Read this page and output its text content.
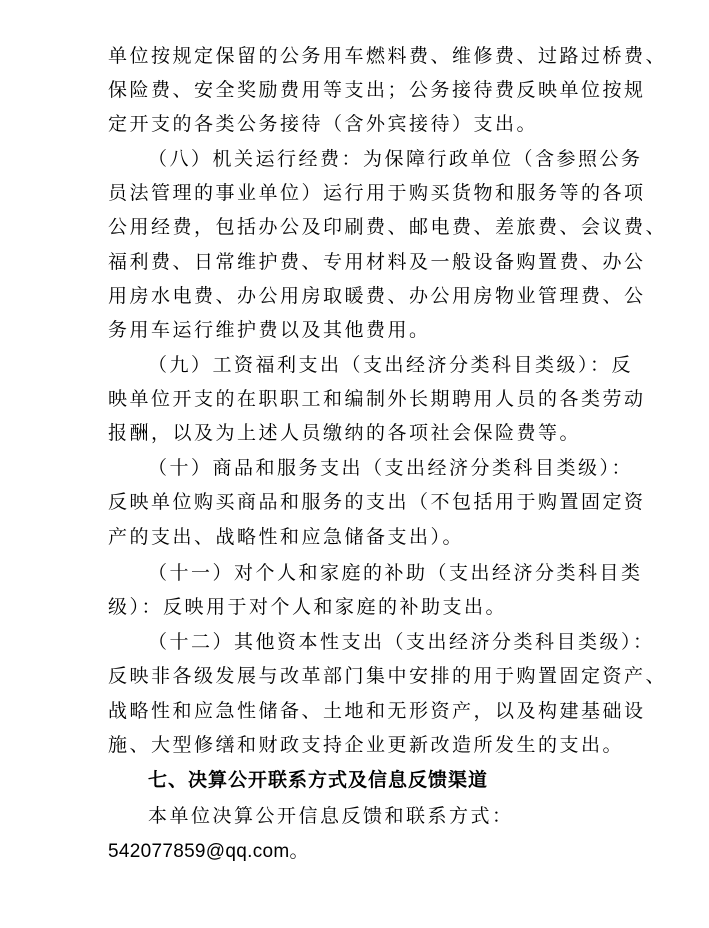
单位按规定保留的公务用车燃料费、维修费、过路过桥费、
保险费、安全奖励费用等支出；公务接待费反映单位按规
定开支的各类公务接待（含外宾接待）支出。
（八）机关运行经费：为保障行政单位（含参照公务
员法管理的事业单位）运行用于购买货物和服务等的各项
公用经费，包括办公及印刷费、邮电费、差旅费、会议费、
福利费、日常维护费、专用材料及一般设备购置费、办公
用房水电费、办公用房取暖费、办公用房物业管理费、公
务用车运行维护费以及其他费用。
（九）工资福利支出（支出经济分类科目类级）：反
映单位开支的在职职工和编制外长期聘用人员的各类劳动
报酬，以及为上述人员缴纳的各项社会保险费等。
（十）商品和服务支出（支出经济分类科目类级）：
反映单位购买商品和服务的支出（不包括用于购置固定资
产的支出、战略性和应急储备支出）。
（十一）对个人和家庭的补助（支出经济分类科目类
级）：反映用于对个人和家庭的补助支出。
（十二）其他资本性支出（支出经济分类科目类级）：
反映非各级发展与改革部门集中安排的用于购置固定资产、
战略性和应急性储备、土地和无形资产，以及构建基础设
施、大型修缮和财政支持企业更新改造所发生的支出。
七、决算公开联系方式及信息反馈渠道
本单位决算公开信息反馈和联系方式：
542077859@qq.com。
